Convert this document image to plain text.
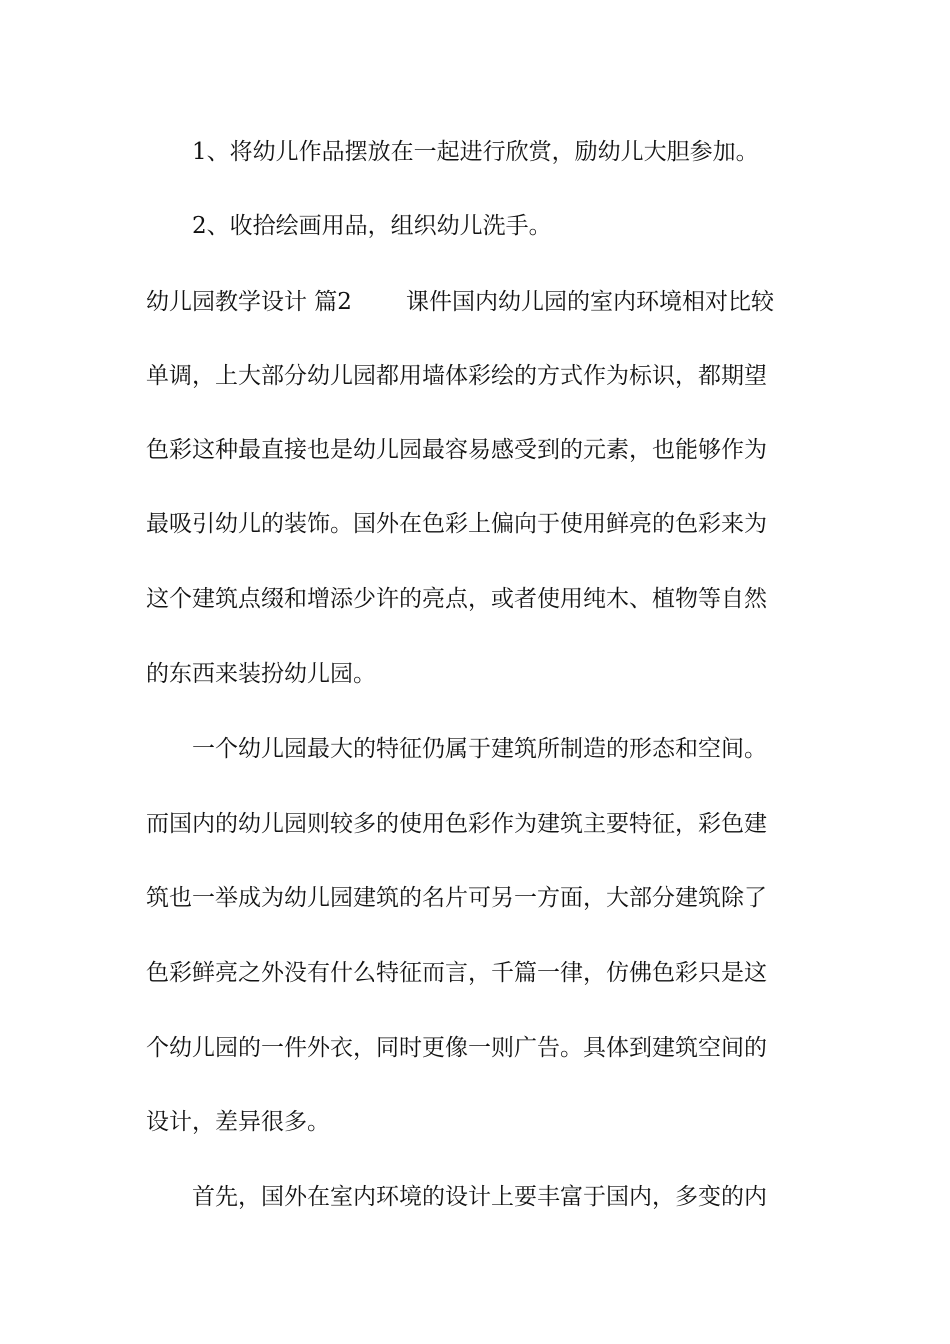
1、将幼儿作品摆放在一起进行欣赏，励幼儿大胆参加。
2、收拾绘画用品，组织幼儿洗手。
幼儿园教学设计 篇2 课件国内幼儿园的室内环境相对比较
单调，上大部分幼儿园都用墙体彩绘的方式作为标识，都期望
色彩这种最直接也是幼儿园最容易感受到的元素，也能够作为
最吸引幼儿的装饰。国外在色彩上偏向于使用鲜亮的色彩来为
这个建筑点缀和增添少许的亮点，或者使用纯木、植物等自然
的东西来装扮幼儿园。
一个幼儿园最大的特征仍属于建筑所制造的形态和空间。
而国内的幼儿园则较多的使用色彩作为建筑主要特征，彩色建
筑也一举成为幼儿园建筑的名片可另一方面，大部分建筑除了
色彩鲜亮之外没有什么特征而言，千篇一律，仿佛色彩只是这
个幼儿园的一件外衣，同时更像一则广告。具体到建筑空间的
设计，差异很多。
首先，国外在室内环境的设计上要丰富于国内，多变的内
